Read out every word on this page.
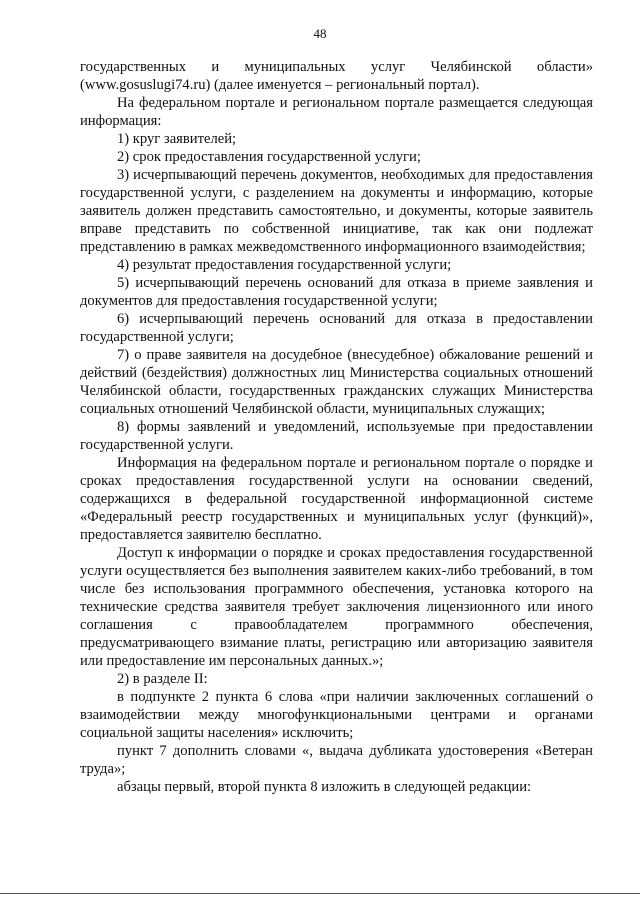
48

государственных и муниципальных услуг Челябинской области» (www.gosuslugi74.ru) (далее именуется – региональный портал).

На федеральном портале и региональном портале размещается следующая информация:

1) круг заявителей;

2) срок предоставления государственной услуги;

3) исчерпывающий перечень документов, необходимых для предоставления государственной услуги, с разделением на документы и информацию, которые заявитель должен представить самостоятельно, и документы, которые заявитель вправе представить по собственной инициативе, так как они подлежат представлению в рамках межведомственного информационного взаимодействия;

4) результат предоставления государственной услуги;

5) исчерпывающий перечень оснований для отказа в приеме заявления и документов для предоставления государственной услуги;

6) исчерпывающий перечень оснований для отказа в предоставлении государственной услуги;

7) о праве заявителя на досудебное (внесудебное) обжалование решений и действий (бездействия) должностных лиц Министерства социальных отношений Челябинской области, государственных гражданских служащих Министерства социальных отношений Челябинской области, муниципальных служащих;

8) формы заявлений и уведомлений, используемые при предоставлении государственной услуги.

Информация на федеральном портале и региональном портале о порядке и сроках предоставления государственной услуги на основании сведений, содержащихся в федеральной государственной информационной системе «Федеральный реестр государственных и муниципальных услуг (функций)», предоставляется заявителю бесплатно.

Доступ к информации о порядке и сроках предоставления государственной услуги осуществляется без выполнения заявителем каких-либо требований, в том числе без использования программного обеспечения, установка которого на технические средства заявителя требует заключения лицензионного или иного соглашения с правообладателем программного обеспечения, предусматривающего взимание платы, регистрацию или авторизацию заявителя или предоставление им персональных данных.»;

2) в разделе II:

в подпункте 2 пункта 6 слова «при наличии заключенных соглашений о взаимодействии между многофункциональными центрами и органами социальной защиты населения» исключить;

пункт 7 дополнить словами «, выдача дубликата удостоверения «Ветеран труда»;

абзацы первый, второй пункта 8 изложить в следующей редакции:
